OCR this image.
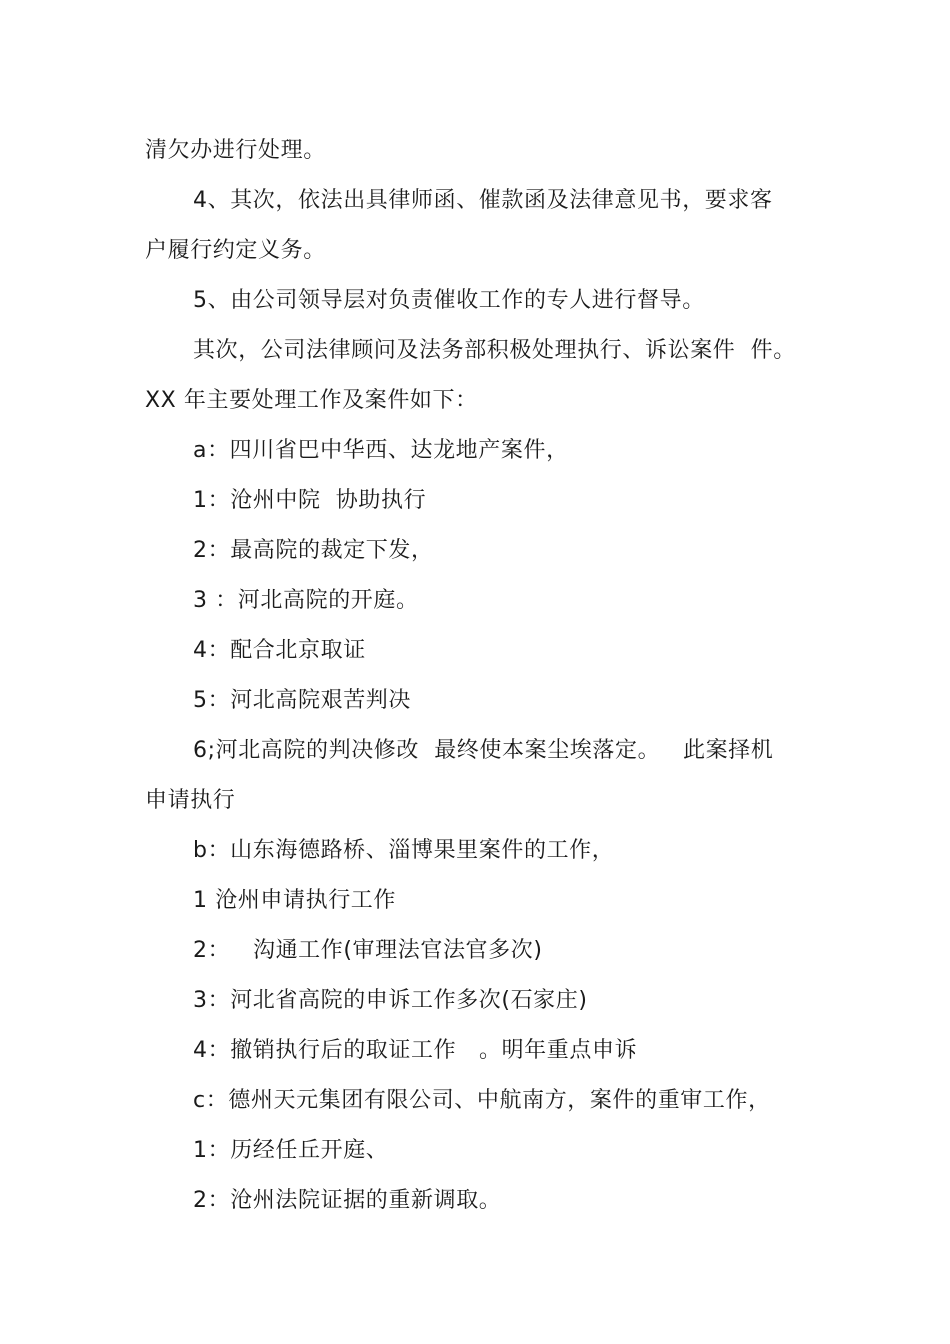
清欠办进行处理。
4、其次，依法出具律师函、催款函及法律意见书，要求客
户履行约定义务。
5、由公司领导层对负责催收工作的专人进行督导。
其次，公司法律顾问及法务部积极处理执行、诉讼案件  件。
XX 年主要处理工作及案件如下：
a：四川省巴中华西、达龙地产案件，
1：沧州中院  协助执行
2：最高院的裁定下发，
3 ：河北高院的开庭。
4：配合北京取证
5：河北高院艰苦判决
6;河北高院的判决修改  最终使本案尘埃落定。   此案择机
申请执行
b：山东海德路桥、淄博果里案件的工作，
1 沧州申请执行工作
2：   沟通工作(审理法官法官多次)
3：河北省高院的申诉工作多次(石家庄)
4：撤销执行后的取证工作   。明年重点申诉
c：德州天元集团有限公司、中航南方，案件的重审工作，
1：历经任丘开庭、
2：沧州法院证据的重新调取。
